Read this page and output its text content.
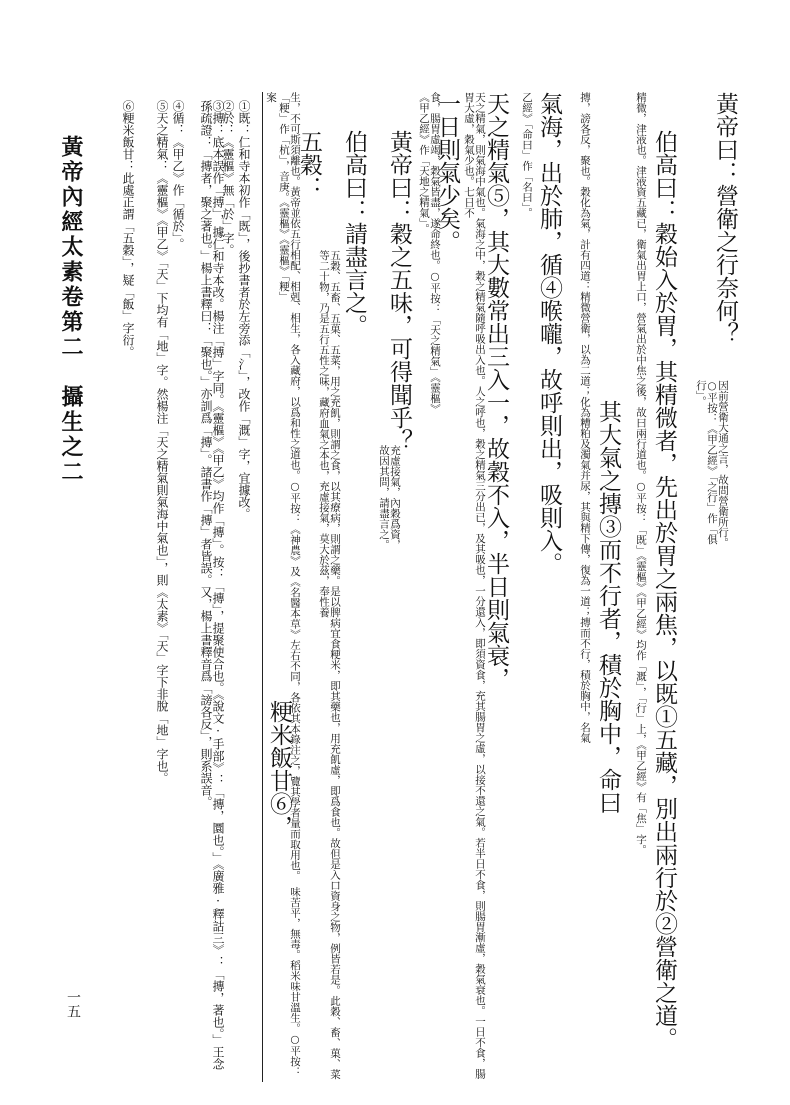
黃帝曰：營衛之行奈何？
因前營衛大通之言，故問營衛所行。○平按：《甲乙經》「之行」作「俱行」。
伯高曰：穀始入於胃，其精微者，先出於胃之兩焦，以既①五藏，別出兩行於②營衛之道。
精微，津液也。津液資五藏已，衛氣出胃上口，營氣出於中焦之後，故曰兩行道也。○平按：「既」《靈樞》《甲乙經》均作「溉」，「行」上，《甲乙經》有「焦」字。
其大氣之摶③而不行者，積於胸中，命曰
摶，謗各反，聚也。穀化為氣，計有四道：精微營衛，以為二道；化為糟粕及濁氣并尿，其與精下傳，復為一道；摶而不行，積於胸中，名氣
氣海，出於肺，循④喉嚨，故呼則出，吸則入。
乙經》「命曰」作「名曰」。
天之精氣⑤，其大數常出三入一，故穀不入，半日則氣衰，
天之精氣，則氣海中氣也。氣海之中，穀之精氣隨呼吸出入也。人之呼也，穀之精氣三分出已，及其吸也，一分還入，即須資食，充其腸胃之虛，以接不還之氣。若半日不食，則腸胃漸虛，穀氣衰也。一日不食，腸胃大虛，穀氣少也。七日不
一日則氣少矣。
食，腸胃虛竭，穀氣皆盡，遂命終也。○平按：「天之精氣」《靈樞》《甲乙經》作「天地之精氣」。
黃帝曰：穀之五味，可得聞乎？
充虛接氣，內穀爲資，故因其問，請盡言之。
伯高曰：請盡言之。
五穀：
五穀、五畜、五菓、五菜，用之充飢，則謂之食，以其療病，則謂之藥。是以脾病宜食粳米，即其藥也，用充飢虛，即爲食也。故但是入口資身之物，例皆若是。此穀、畜、菓、菜等二十物，乃是五行五性之味，藏府血氣之本也，充虛接氣，莫大於茲，奉性養
生，不可斯須離也。黃帝並依五行相配、相剋、相生，各入藏府，以爲和性之道也。○平按：《神農》及《名醫本草》左右不同，各依其本錄注之，覽其學者量而取用也。　味苦平，無毒。稻米味甘溫生。○平按：「粳」作「杭」，音庚。《靈樞》《靈樞》「粳」
粳米飯甘⑥，
案
①既：仁和寺本初作「既」，後抄書者於左旁添「氵」，改作「溉」字，宜據改。
②於：《靈樞》無「於」字。
③摶：底本誤作「搏」，據仁和寺本改。楊注「搏」字同。《靈樞》《甲乙》均作「摶」。按：「摶」，提聚使合也。《說文·手部》：「摶，圜也。」《廣雅·釋詁三》：「摶，著也。」王念孫疏證：「摶者，聚之著也。」楊上書釋曰：「聚也。」亦訓爲「摶」。諸書作「摶」者皆誤。又，楊上書釋音爲「謗各反」，則系誤音。
④循：《甲乙》作「循於」。
⑤天之精氣：《靈樞》《甲乙》「天」下均有「地」字。然楊注「天之精氣則氣海中氣也」，則《太素》「天」字下非脫「地」字也。
⑥粳米飯甘：此處正謂「五穀」，疑「飯」字衍。
黃帝內經太素卷第二　攝生之二
一五
